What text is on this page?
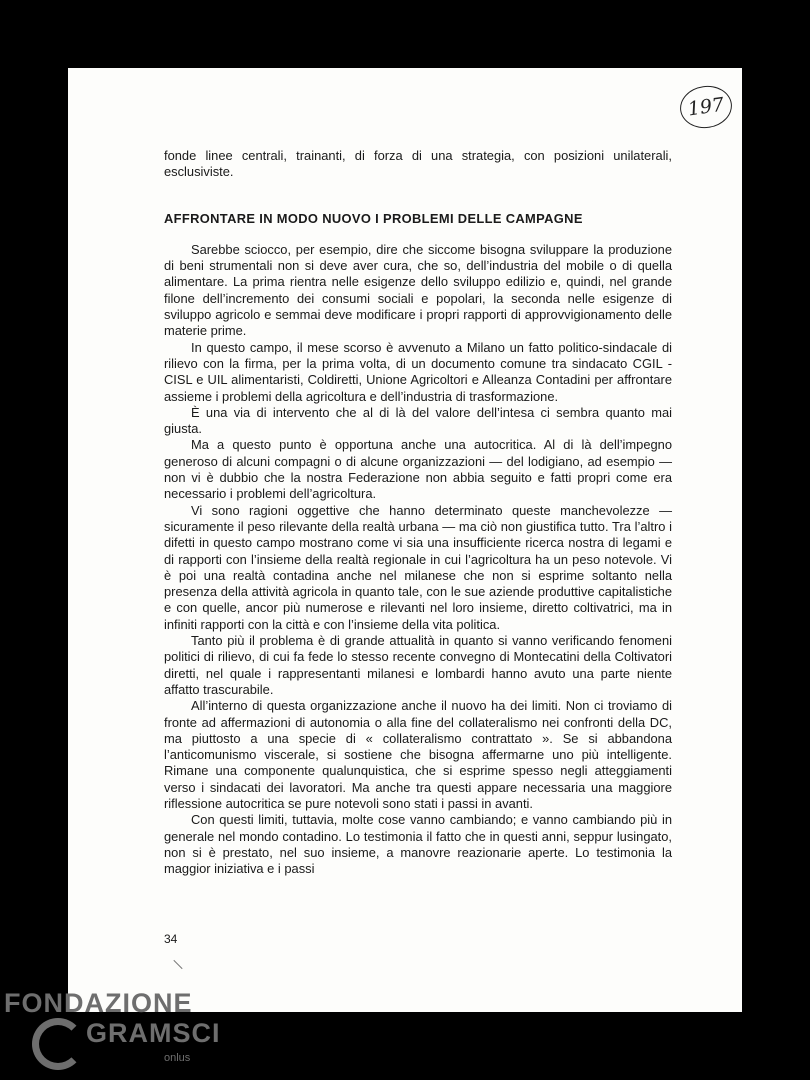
197

fonde linee centrali, trainanti, di forza di una strategia, con posizioni unilaterali, esclusiviste.

AFFRONTARE IN MODO NUOVO I PROBLEMI DELLE CAMPAGNE

Sarebbe sciocco, per esempio, dire che siccome bisogna sviluppare la produzione di beni strumentali non si deve aver cura, che so, dell’industria del mobile o di quella alimentare. La prima rientra nelle esigenze dello sviluppo edilizio e, quindi, nel grande filone dell’incremento dei consumi sociali e popolari, la seconda nelle esigenze di sviluppo agricolo e semmai deve modificare i propri rapporti di approvvigionamento delle materie prime.

In questo campo, il mese scorso è avvenuto a Milano un fatto politico-sindacale di rilievo con la firma, per la prima volta, di un documento comune tra sindacato CGIL - CISL e UIL alimentaristi, Coldiretti, Unione Agricoltori e Alleanza Contadini per affrontare assieme i problemi della agricoltura e dell’industria di trasformazione.

È una via di intervento che al di là del valore dell’intesa ci sembra quanto mai giusta.

Ma a questo punto è opportuna anche una autocritica. Al di là dell’impegno generoso di alcuni compagni o di alcune organizzazioni — del lodigiano, ad esempio — non vi è dubbio che la nostra Federazione non abbia seguito e fatti propri come era necessario i problemi dell’agricoltura.

Vi sono ragioni oggettive che hanno determinato queste manchevolezze — sicuramente il peso rilevante della realtà urbana — ma ciò non giustifica tutto. Tra l’altro i difetti in questo campo mostrano come vi sia una insufficiente ricerca nostra di legami e di rapporti con l’insieme della realtà regionale in cui l’agricoltura ha un peso notevole. Vi è poi una realtà contadina anche nel milanese che non si esprime soltanto nella presenza della attività agricola in quanto tale, con le sue aziende produttive capitalistiche e con quelle, ancor più numerose e rilevanti nel loro insieme, diretto coltivatrici, ma in infiniti rapporti con la città e con l’insieme della vita politica.

Tanto più il problema è di grande attualità in quanto si vanno verificando fenomeni politici di rilievo, di cui fa fede lo stesso recente convegno di Montecatini della Coltivatori diretti, nel quale i rappresentanti milanesi e lombardi hanno avuto una parte niente affatto trascurabile.

All’interno di questa organizzazione anche il nuovo ha dei limiti. Non ci troviamo di fronte ad affermazioni di autonomia o alla fine del collateralismo nei confronti della DC, ma piuttosto a una specie di « collateralismo contrattato ». Se si abbandona l’anticomunismo viscerale, si sostiene che bisogna affermarne uno più intelligente. Rimane una componente qualunquistica, che si esprime spesso negli atteggiamenti verso i sindacati dei lavoratori. Ma anche tra questi appare necessaria una maggiore riflessione autocritica se pure notevoli sono stati i passi in avanti.

Con questi limiti, tuttavia, molte cose vanno cambiando; e vanno cambiando più in generale nel mondo contadino. Lo testimonia il fatto che in questi anni, seppur lusingato, non si è prestato, nel suo insieme, a manovre reazionarie aperte. Lo testimonia la maggior iniziativa e i passi

34
FONDAZIONE
GRAMSCI
onlus
